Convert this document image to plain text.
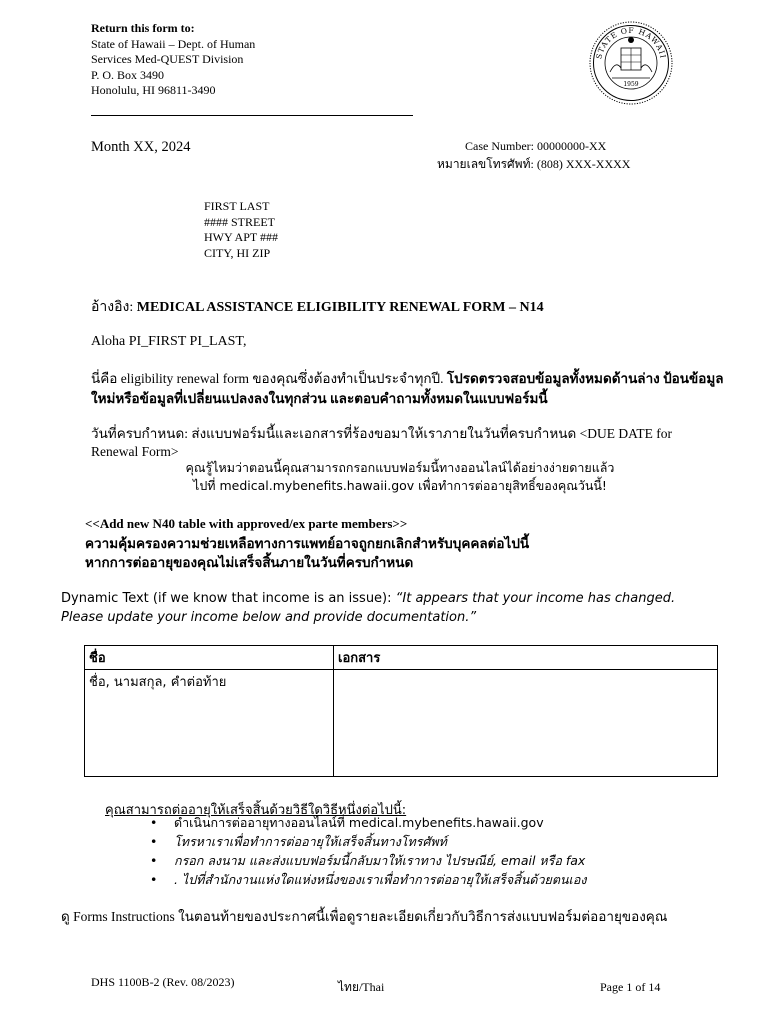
Return this form to:
State of Hawaii – Dept. of Human
Services Med-QUEST Division
P. O. Box 3490
Honolulu, HI 96811-3490
STATE OF HAWAII
1959
Month XX, 2024	Case Number: 00000000-XX
หมายเลขโทรศัพท์: (808) XXX-XXXX
FIRST LAST
#### STREET
HWY APT ###
CITY, HI ZIP
อ้างอิง: MEDICAL ASSISTANCE ELIGIBILITY RENEWAL FORM – N14
Aloha PI_FIRST PI_LAST,
นี่คือ eligibility renewal form ของคุณซึ่งต้องทำเป็นประจำทุกปี. โปรดตรวจสอบข้อมูลทั้งหมดด้านล่าง ป้อนข้อมูลใหม่หรือข้อมูลที่เปลี่ยนแปลงลงในทุกส่วน และตอบคำถามทั้งหมดในแบบฟอร์มนี้
วันที่ครบกำหนด: ส่งแบบฟอร์มนี้และเอกสารที่ร้องขอมาให้เราภายในวันที่ครบกำหนด <DUE DATE for Renewal Form>
คุณรู้ไหมว่าตอนนี้คุณสามารถกรอกแบบฟอร์มนี้ทางออนไลน์ได้อย่างง่ายดายแล้ว
ไปที่ medical.mybenefits.hawaii.gov เพื่อทำการต่ออายุสิทธิ์ของคุณวันนี้!
<<Add new N40 table with approved/ex parte members>>
ความคุ้มครองความช่วยเหลือทางการแพทย์อาจถูกยกเลิกสำหรับบุคคลต่อไปนี้
หากการต่ออายุของคุณไม่เสร็จสิ้นภายในวันที่ครบกำหนด
Dynamic Text (if we know that income is an issue): “It appears that your income has changed. Please update your income below and provide documentation.”
ชื่อ	เอกสาร
ชื่อ, นามสกุล, คำต่อท้าย	
คุณสามารถต่ออายุให้เสร็จสิ้นด้วยวิธีใดวิธีหนึ่งต่อไปนี้:
• ดำเนินการต่ออายุทางออนไลน์ที่ medical.mybenefits.hawaii.gov
• โทรหาเราเพื่อทำการต่ออายุให้เสร็จสิ้นทางโทรศัพท์
• กรอก ลงนาม และส่งแบบฟอร์มนี้กลับมาให้เราทาง ไปรษณีย์, email หรือ fax
• . ไปที่สำนักงานแห่งใดแห่งหนึ่งของเราเพื่อทำการต่ออายุให้เสร็จสิ้นด้วยตนเอง
ดู Forms Instructions ในตอนท้ายของประกาศนี้เพื่อดูรายละเอียดเกี่ยวกับวิธีการส่งแบบฟอร์มต่ออายุของคุณ
DHS 1100B-2 (Rev. 08/2023)	ไทย/Thai	Page 1 of 14
